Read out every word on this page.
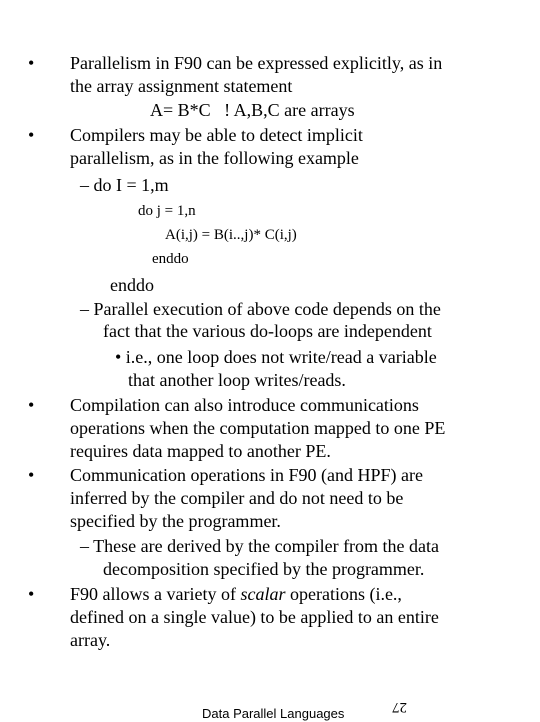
• Parallelism in F90 can be expressed explicitly, as in
the array assignment statement
A= B*C   ! A,B,C are arrays
• Compilers may be able to detect implicit
parallelism, as in the following example
– do I = 1,m
do j = 1,n
A(i,j) = B(i..,j)* C(i,j)
enddo
enddo
– Parallel execution of above code depends on the
fact that the various do-loops are independent
• i.e., one loop does not write/read a variable
that another loop writes/reads.
• Compilation can also introduce communications
operations when the computation mapped to one PE
requires data mapped to another PE.
• Communication operations in F90 (and HPF) are
inferred by the compiler and do not need to be
specified by the programmer.
– These are derived by the compiler from the data
decomposition specified by the programmer.
• F90 allows a variety of scalar operations (i.e.,
defined on a single value) to be applied to an entire
array.
Data Parallel Languages	27
